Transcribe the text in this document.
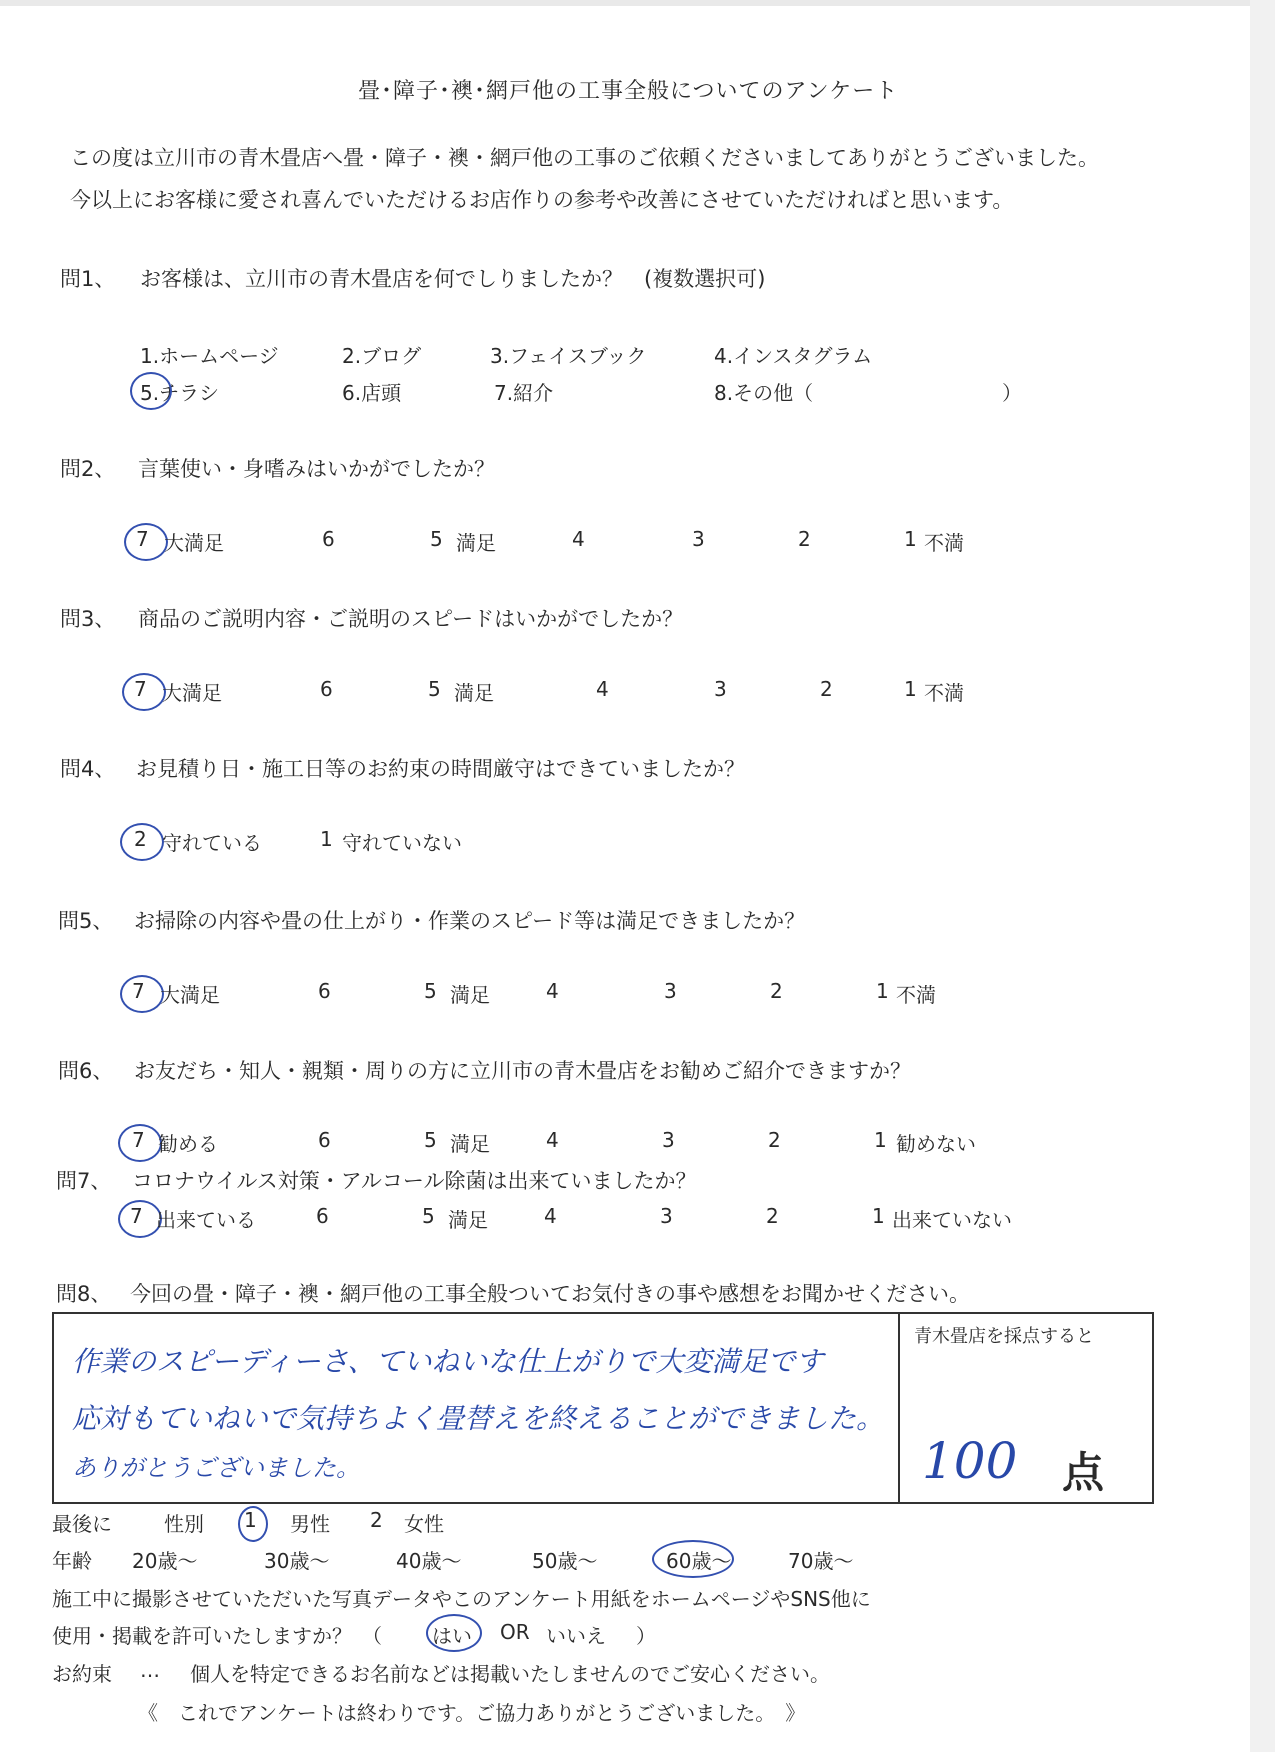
畳･障子･襖･網戸他の工事全般についてのアンケート
この度は立川市の青木畳店へ畳・障子・襖・網戸他の工事のご依頼くださいましてありがとうございました。
今以上にお客様に愛され喜んでいただけるお店作りの参考や改善にさせていただければと思います。
問1、 お客様は、立川市の青木畳店を何でしりましたか？　(複数選択可)
1.ホームページ	2.ブログ	3.フェイスブック	4.インスタグラム
5.チラシ	6.店頭	7.紹介	8.その他（	）
問2、 言葉使い・身嗜みはいかがでしたか？
7 大満足	6	5 満足	4	3	2	1 不満
問3、 商品のご説明内容・ご説明のスピードはいかがでしたか？
7 大満足	6	5 満足	4	3	2	1 不満
問4、 お見積り日・施工日等のお約束の時間厳守はできていましたか？
2 守れている	1 守れていない
問5、 お掃除の内容や畳の仕上がり・作業のスピード等は満足できましたか？
7 大満足	6	5 満足	4	3	2	1 不満
問6、 お友だち・知人・親類・周りの方に立川市の青木畳店をお勧めご紹介できますか？
7 勧める	6	5 満足	4	3	2	1 勧めない
問7、 コロナウイルス対策・アルコール除菌は出来ていましたか？
7 出来ている	6	5 満足	4	3	2	1 出来ていない
問8、 今回の畳・障子・襖・網戸他の工事全般ついてお気付きの事や感想をお聞かせください。
作業のスピーディーさ、ていねいな仕上がりで大変満足です
応対もていねいで気持ちよく畳替えを終えることができました。
ありがとうございました。
青木畳店を採点すると
100 点
最後に	性別 1 男性 2 女性
年齢 20歳～	30歳～	40歳～	50歳～	60歳～	70歳～
施工中に撮影させていただいた写真データやこのアンケート用紙をホームページやSNS他に
使用・掲載を許可いたしますか？　（	はい OR いいえ ）
お約束 … 個人を特定できるお名前などは掲載いたしませんのでご安心ください。
《　これでアンケートは終わりです。ご協力ありがとうございました。　》
